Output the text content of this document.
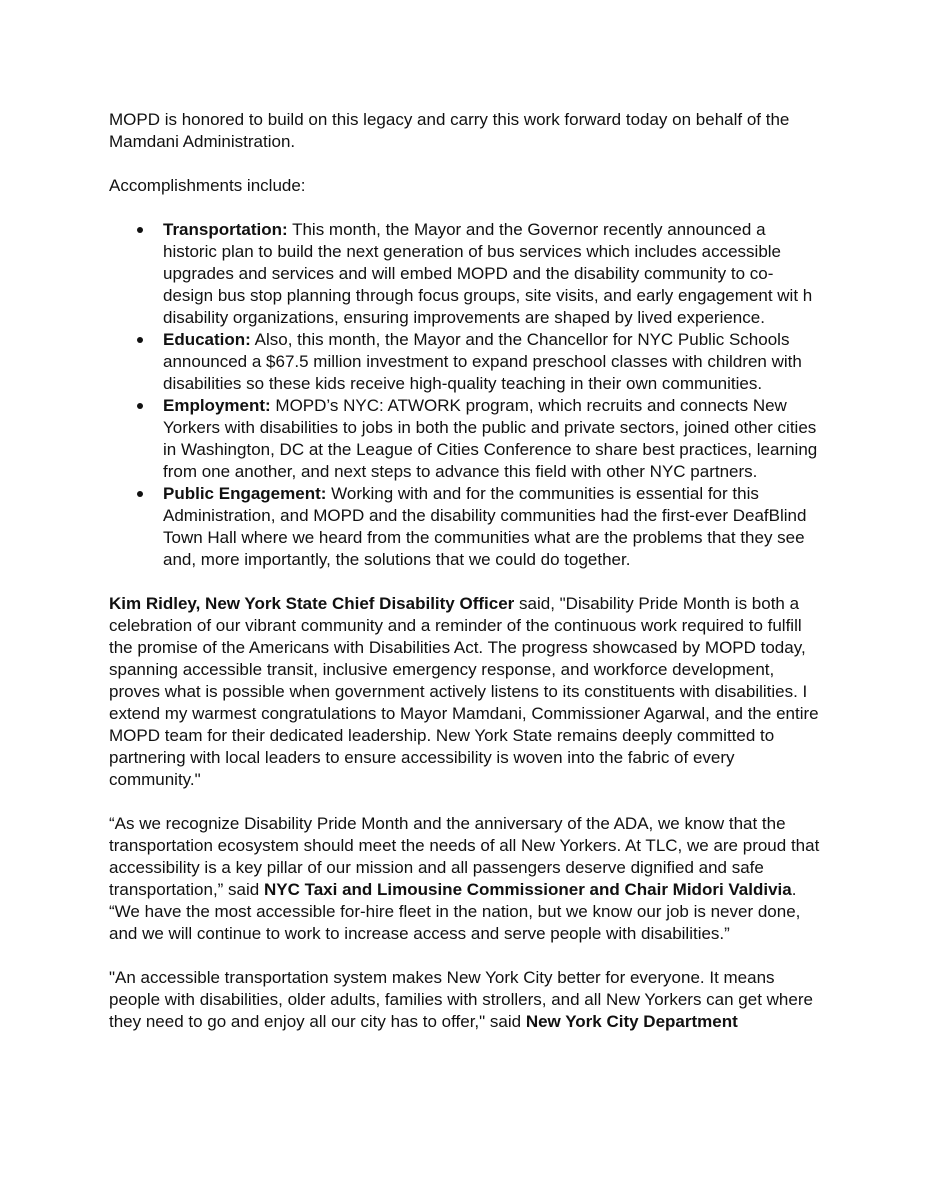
MOPD is honored to build on this legacy and carry this work forward today on behalf of the Mamdani Administration.

Accomplishments include:

Transportation: This month, the Mayor and the Governor recently announced a historic plan to build the next generation of bus services which includes accessible upgrades and services and will embed MOPD and the disability community to co-design bus stop planning through focus groups, site visits, and early engagement wit h disability organizations, ensuring improvements are shaped by lived experience.
Education: Also, this month, the Mayor and the Chancellor for NYC Public Schools announced a $67.5 million investment to expand preschool classes with children with disabilities so these kids receive high-quality teaching in their own communities.
Employment: MOPD’s NYC: ATWORK program, which recruits and connects New Yorkers with disabilities to jobs in both the public and private sectors, joined other cities in Washington, DC at the League of Cities Conference to share best practices, learning from one another, and next steps to advance this field with other NYC partners.
Public Engagement: Working with and for the communities is essential for this Administration, and MOPD and the disability communities had the first-ever DeafBlind Town Hall where we heard from the communities what are the problems that they see and, more importantly, the solutions that we could do together.

Kim Ridley, New York State Chief Disability Officer said, "Disability Pride Month is both a celebration of our vibrant community and a reminder of the continuous work required to fulfill the promise of the Americans with Disabilities Act. The progress showcased by MOPD today, spanning accessible transit, inclusive emergency response, and workforce development, proves what is possible when government actively listens to its constituents with disabilities. I extend my warmest congratulations to Mayor Mamdani, Commissioner Agarwal, and the entire MOPD team for their dedicated leadership. New York State remains deeply committed to partnering with local leaders to ensure accessibility is woven into the fabric of every community."

“As we recognize Disability Pride Month and the anniversary of the ADA, we know that the transportation ecosystem should meet the needs of all New Yorkers. At TLC, we are proud that accessibility is a key pillar of our mission and all passengers deserve dignified and safe transportation,” said NYC Taxi and Limousine Commissioner and Chair Midori Valdivia. “We have the most accessible for-hire fleet in the nation, but we know our job is never done, and we will continue to work to increase access and serve people with disabilities.”

"An accessible transportation system makes New York City better for everyone. It means people with disabilities, older adults, families with strollers, and all New Yorkers can get where they need to go and enjoy all our city has to offer," said New York City Department
